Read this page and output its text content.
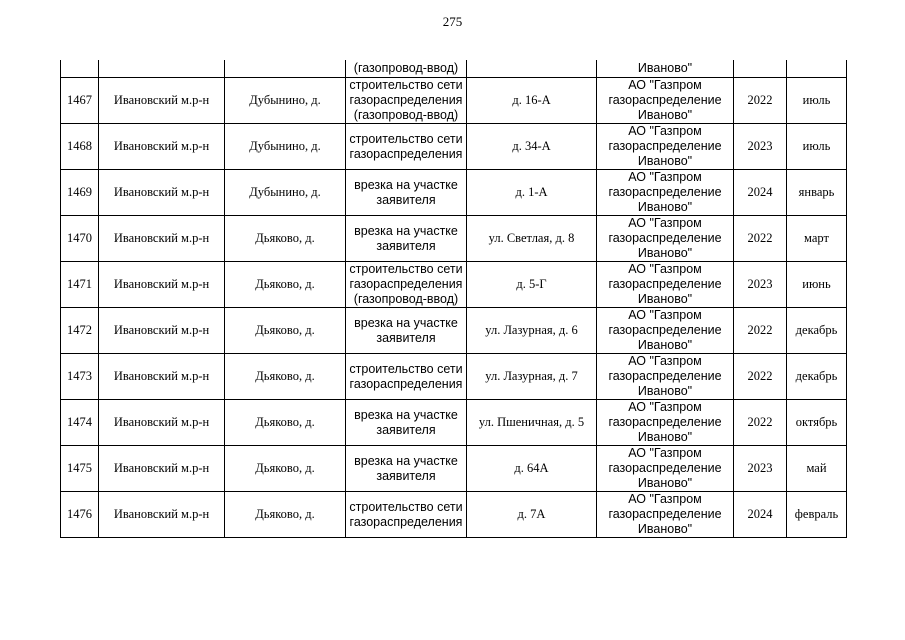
275
			(газопровод-ввод)		Иваново"		
1467	Ивановский м.р-н	Дубынино, д.	строительство сети газораспределения (газопровод-ввод)	д. 16-А	АО "Газпром газораспределение Иваново"	2022	июль
1468	Ивановский м.р-н	Дубынино, д.	строительство сети газораспределения	д. 34-А	АО "Газпром газораспределение Иваново"	2023	июль
1469	Ивановский м.р-н	Дубынино, д.	врезка на участке заявителя	д. 1-А	АО "Газпром газораспределение Иваново"	2024	январь
1470	Ивановский м.р-н	Дьяково, д.	врезка на участке заявителя	ул. Светлая, д. 8	АО "Газпром газораспределение Иваново"	2022	март
1471	Ивановский м.р-н	Дьяково, д.	строительство сети газораспределения (газопровод-ввод)	д. 5-Г	АО "Газпром газораспределение Иваново"	2023	июнь
1472	Ивановский м.р-н	Дьяково, д.	врезка на участке заявителя	ул. Лазурная, д. 6	АО "Газпром газораспределение Иваново"	2022	декабрь
1473	Ивановский м.р-н	Дьяково, д.	строительство сети газораспределения	ул. Лазурная, д. 7	АО "Газпром газораспределение Иваново"	2022	декабрь
1474	Ивановский м.р-н	Дьяково, д.	врезка на участке заявителя	ул. Пшеничная, д. 5	АО "Газпром газораспределение Иваново"	2022	октябрь
1475	Ивановский м.р-н	Дьяково, д.	врезка на участке заявителя	д. 64А	АО "Газпром газораспределение Иваново"	2023	май
1476	Ивановский м.р-н	Дьяково, д.	строительство сети газораспределения	д. 7А	АО "Газпром газораспределение Иваново"	2024	февраль
